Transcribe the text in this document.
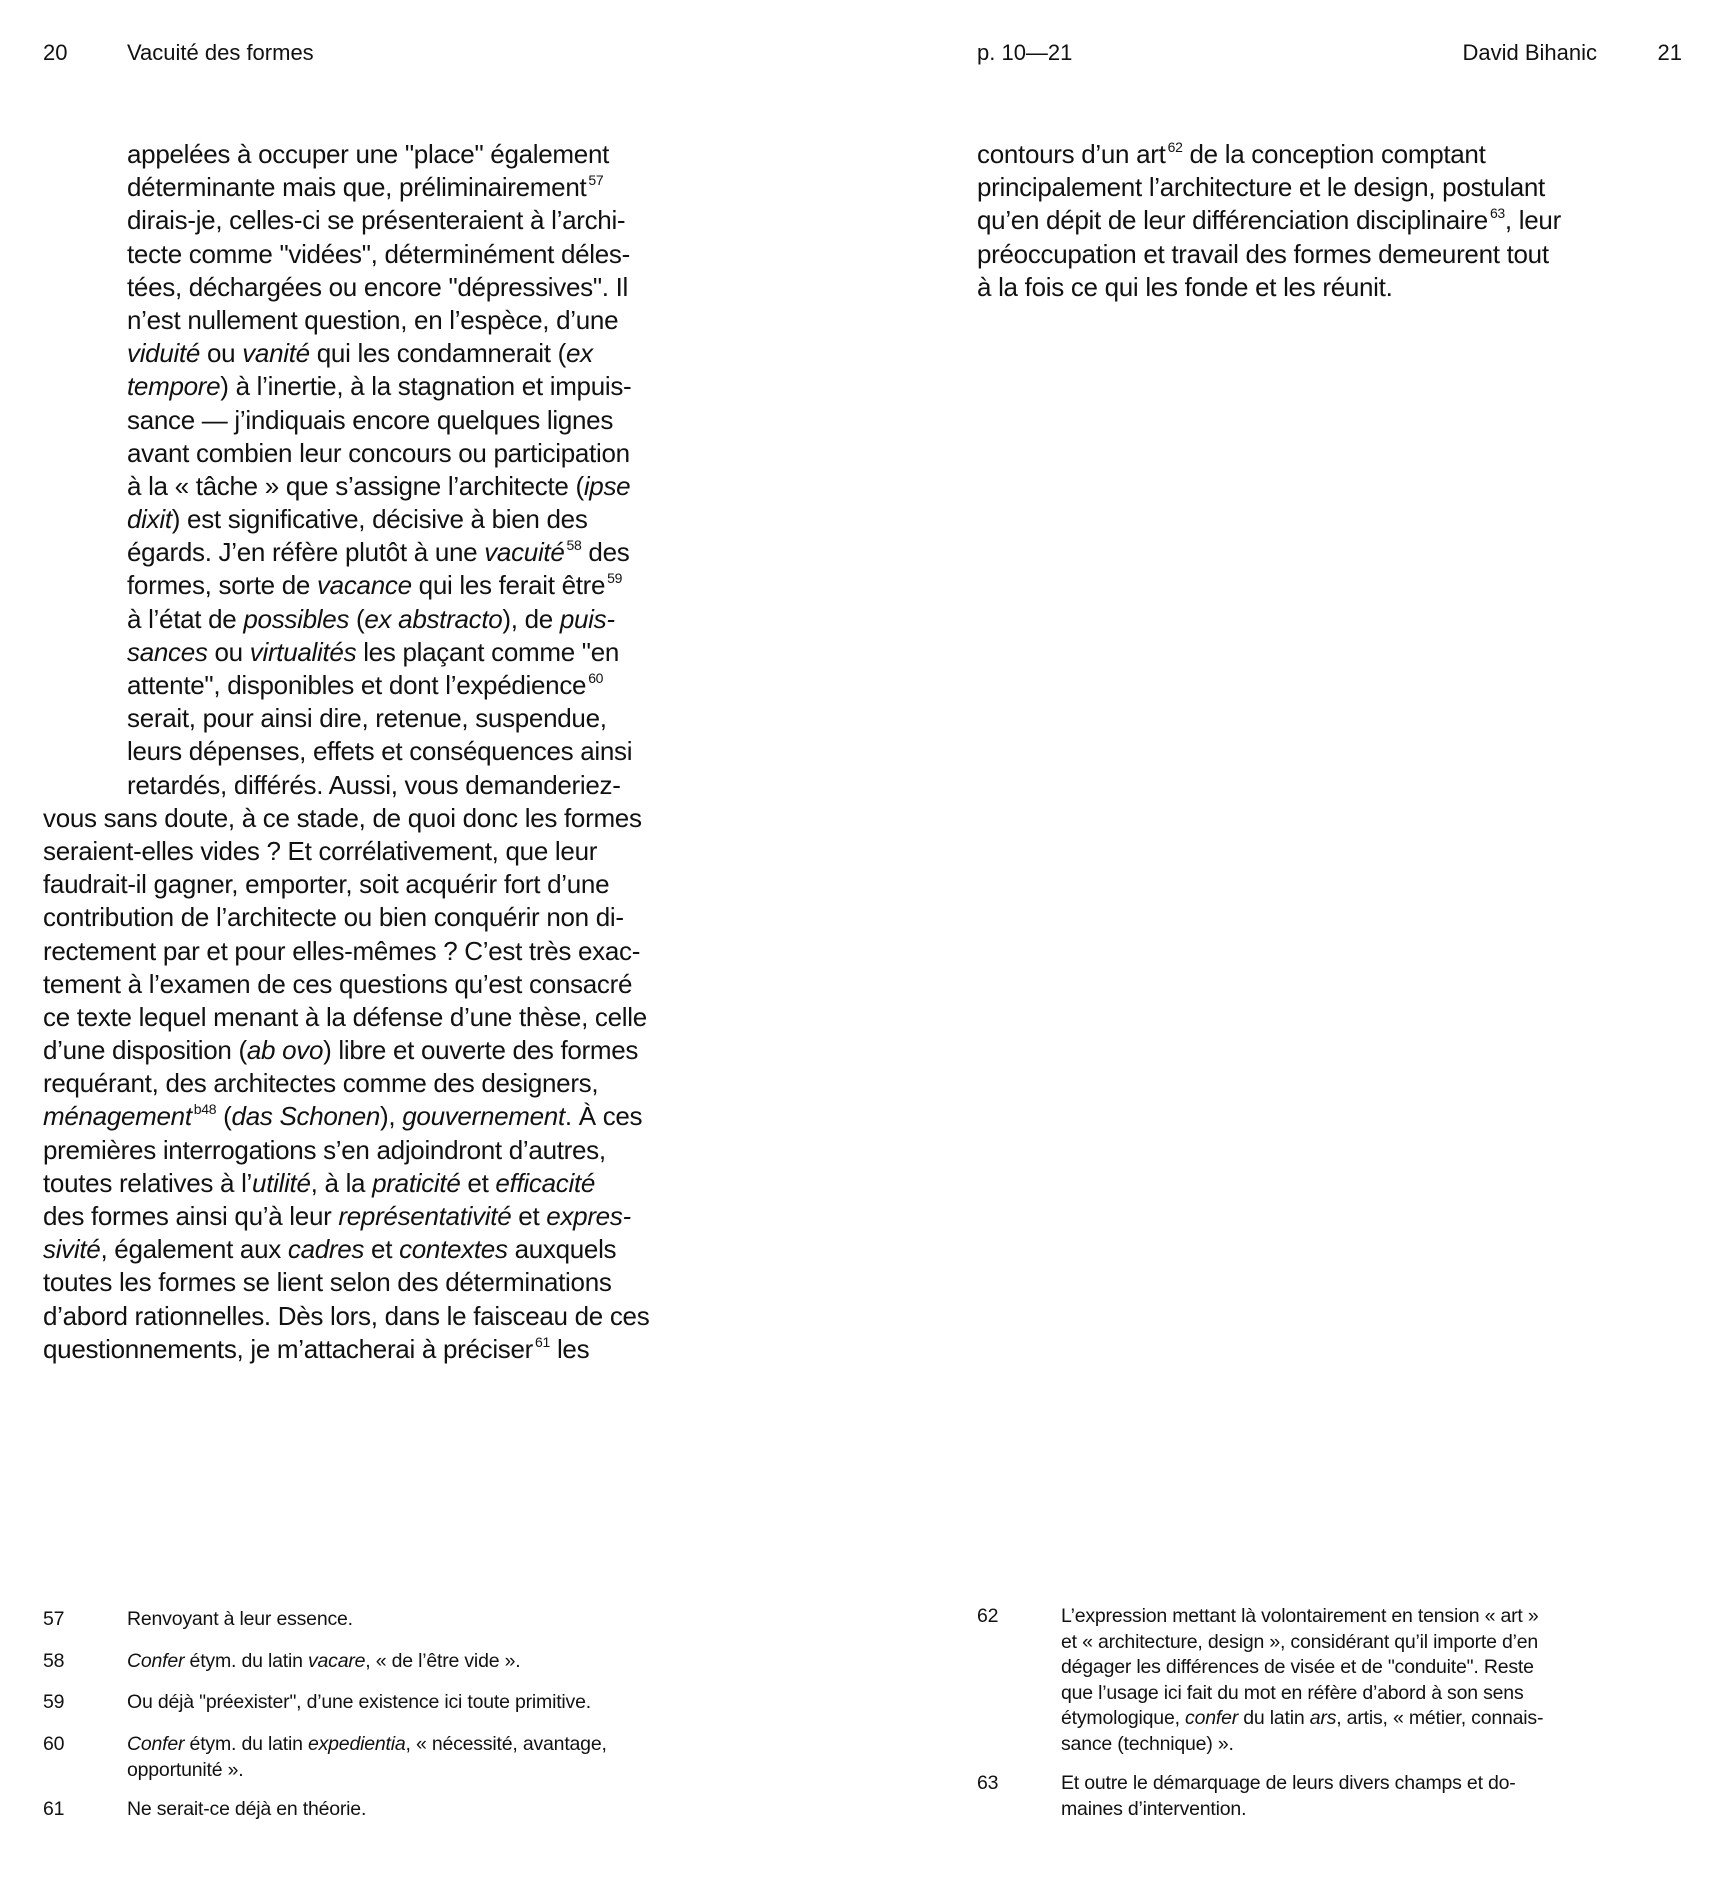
20	Vacuité des formes	p. 10—21	David Bihanic	21
appelées à occuper une "place" également
déterminante mais que, préliminairement $^{57}$
dirais-je, celles-ci se présenteraient à l’archi-
tecte comme "vidées", déterminément déles-
tées, déchargées ou encore "dépressives". Il
n’est nullement question, en l’espèce, d’une
viduité ou vanité qui les condamnerait (ex
tempore) à l’inertie, à la stagnation et impuis-
sance — j’indiquais encore quelques lignes
avant combien leur concours ou participation
à la « tâche » que s’assigne l’architecte (ipse
dixit) est significative, décisive à bien des
égards. J’en réfère plutôt à une vacuité $^{58}$ des
formes, sorte de vacance qui les ferait être $^{59}$
à l’état de possibles (ex abstracto), de puis-
sances ou virtualités les plaçant comme "en
attente", disponibles et dont l’expédience $^{60}$
serait, pour ainsi dire, retenue, suspendue,
leurs dépenses, effets et conséquences ainsi
retardés, différés. Aussi, vous demanderiez-
vous sans doute, à ce stade, de quoi donc les formes
seraient-elles vides ? Et corrélativement, que leur
faudrait-il gagner, emporter, soit acquérir fort d’une
contribution de l’architecte ou bien conquérir non di-
rectement par et pour elles-mêmes ? C’est très exac-
tement à l’examen de ces questions qu’est consacré
ce texte lequel menant à la défense d’une thèse, celle
d’une disposition (ab ovo) libre et ouverte des formes
requérant, des architectes comme des designers,
ménagement $^{b48}$ (das Schonen), gouvernement. À ces
premières interrogations s’en adjoindront d’autres,
toutes relatives à l’utilité, à la praticité et efficacité
des formes ainsi qu’à leur représentativité et expres-
sivité, également aux cadres et contextes auxquels
toutes les formes se lient selon des déterminations
d’abord rationnelles. Dès lors, dans le faisceau de ces
questionnements, je m’attacherai à préciser $^{61}$ les
contours d’un art $^{62}$ de la conception comptant
principalement l’architecture et le design, postulant
qu’en dépit de leur différenciation disciplinaire $^{63}$, leur
préoccupation et travail des formes demeurent tout
à la fois ce qui les fonde et les réunit.
57	Renvoyant à leur essence.
58	Confer étym. du latin vacare, « de l’être vide ».
59	Ou déjà "préexister", d’une existence ici toute primitive.
60	Confer étym. du latin expedientia, « nécessité, avantage,
opportunité ».
61	Ne serait-ce déjà en théorie.
62	L’expression mettant là volontairement en tension « art »
et « architecture, design », considérant qu’il importe d’en
dégager les différences de visée et de "conduite". Reste
que l’usage ici fait du mot en réfère d’abord à son sens
étymologique, confer du latin ars, artis, « métier, connais-
sance (technique) ».
63	Et outre le démarquage de leurs divers champs et do-
maines d’intervention.
